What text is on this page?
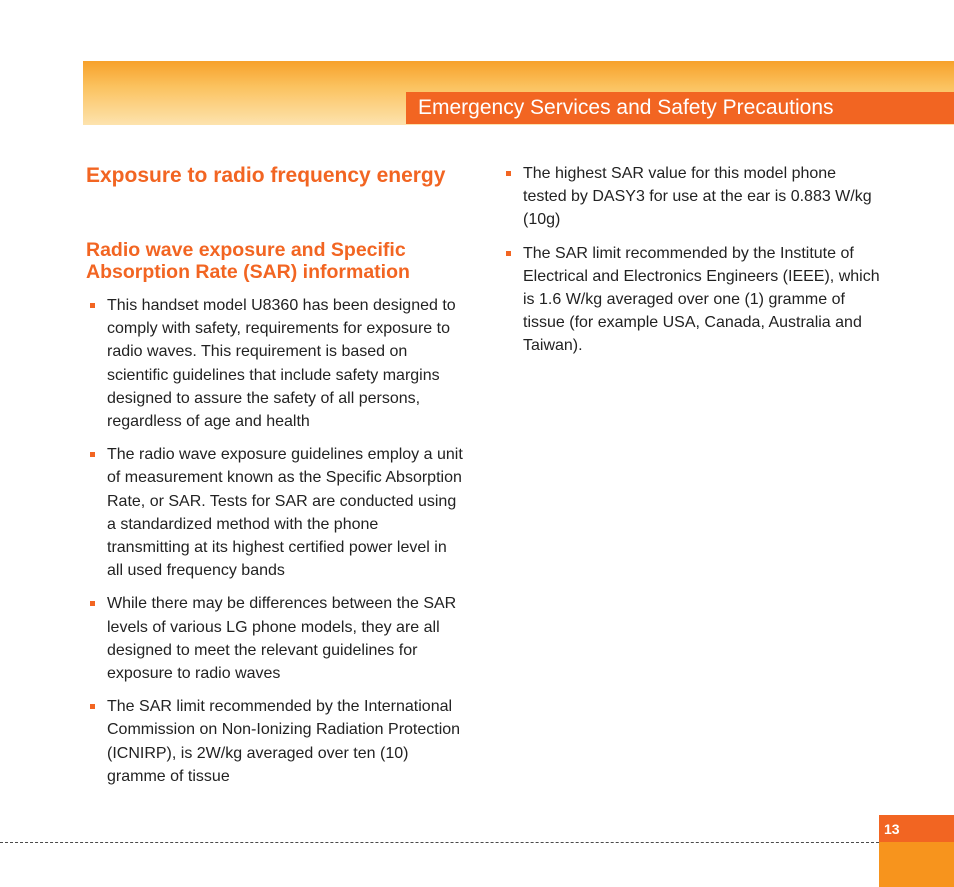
Emergency Services and Safety Precautions
Exposure to radio frequency energy
Radio wave exposure and Specific Absorption Rate (SAR) information
This handset model U8360 has been designed to comply with safety, requirements for exposure to radio waves. This requirement is based on scientific guidelines that include safety margins designed to assure the safety of all persons, regardless of age and health
The radio wave exposure guidelines employ a unit of measurement known as the Specific Absorption Rate, or SAR. Tests for SAR are conducted using a standardized method with the phone transmitting at its highest certified power level in all used frequency bands
While there may be differences between the SAR levels of various LG phone models, they are all designed to meet the relevant guidelines for exposure to radio waves
The SAR limit recommended by the International Commission on Non-Ionizing Radiation Protection (ICNIRP), is 2W/kg averaged over ten (10) gramme of tissue
The highest SAR value for this model phone tested by DASY3 for use at the ear is 0.883 W/kg (10g)
The SAR limit recommended by the Institute of Electrical and Electronics Engineers (IEEE), which is 1.6 W/kg averaged over one (1) gramme of tissue (for example USA, Canada, Australia and Taiwan).
13
